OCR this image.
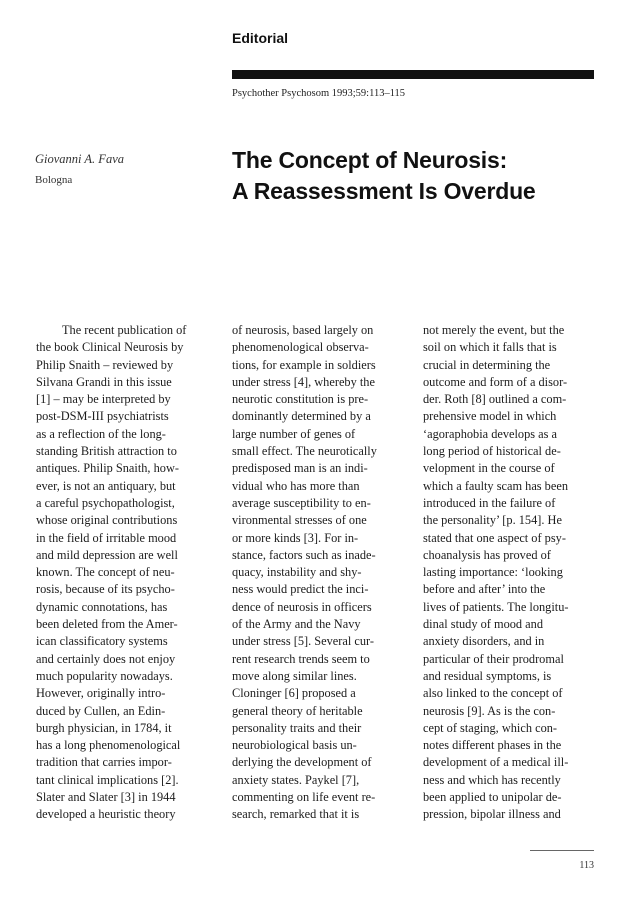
Editorial
Psychother Psychosom 1993;59:113–115
Giovanni A. Fava
Bologna
The Concept of Neurosis:
A Reassessment Is Overdue
The recent publication of
the book Clinical Neurosis by
Philip Snaith – reviewed by
Silvana Grandi in this issue
[1] – may be interpreted by
post-DSM-III psychiatrists
as a reflection of the long-
standing British attraction to
antiques. Philip Snaith, how-
ever, is not an antiquary, but
a careful psychopathologist,
whose original contributions
in the field of irritable mood
and mild depression are well
known. The concept of neu-
rosis, because of its psycho-
dynamic connotations, has
been deleted from the Amer-
ican classificatory systems
and certainly does not enjoy
much popularity nowadays.
However, originally intro-
duced by Cullen, an Edin-
burgh physician, in 1784, it
has a long phenomenological
tradition that carries impor-
tant clinical implications [2].
Slater and Slater [3] in 1944
developed a heuristic theory
of neurosis, based largely on
phenomenological observa-
tions, for example in soldiers
under stress [4], whereby the
neurotic constitution is pre-
dominantly determined by a
large number of genes of
small effect. The neurotically
predisposed man is an indi-
vidual who has more than
average susceptibility to en-
vironmental stresses of one
or more kinds [3]. For in-
stance, factors such as inade-
quacy, instability and shy-
ness would predict the inci-
dence of neurosis in officers
of the Army and the Navy
under stress [5]. Several cur-
rent research trends seem to
move along similar lines.
Cloninger [6] proposed a
general theory of heritable
personality traits and their
neurobiological basis un-
derlying the development of
anxiety states. Paykel [7],
commenting on life event re-
search, remarked that it is
not merely the event, but the
soil on which it falls that is
crucial in determining the
outcome and form of a disor-
der. Roth [8] outlined a com-
prehensive model in which
‘agoraphobia develops as a
long period of historical de-
velopment in the course of
which a faulty scam has been
introduced in the failure of
the personality’ [p. 154]. He
stated that one aspect of psy-
choanalysis has proved of
lasting importance: ‘looking
before and after’ into the
lives of patients. The longitu-
dinal study of mood and
anxiety disorders, and in
particular of their prodromal
and residual symptoms, is
also linked to the concept of
neurosis [9]. As is the con-
cept of staging, which con-
notes different phases in the
development of a medical ill-
ness and which has recently
been applied to unipolar de-
pression, bipolar illness and
113
